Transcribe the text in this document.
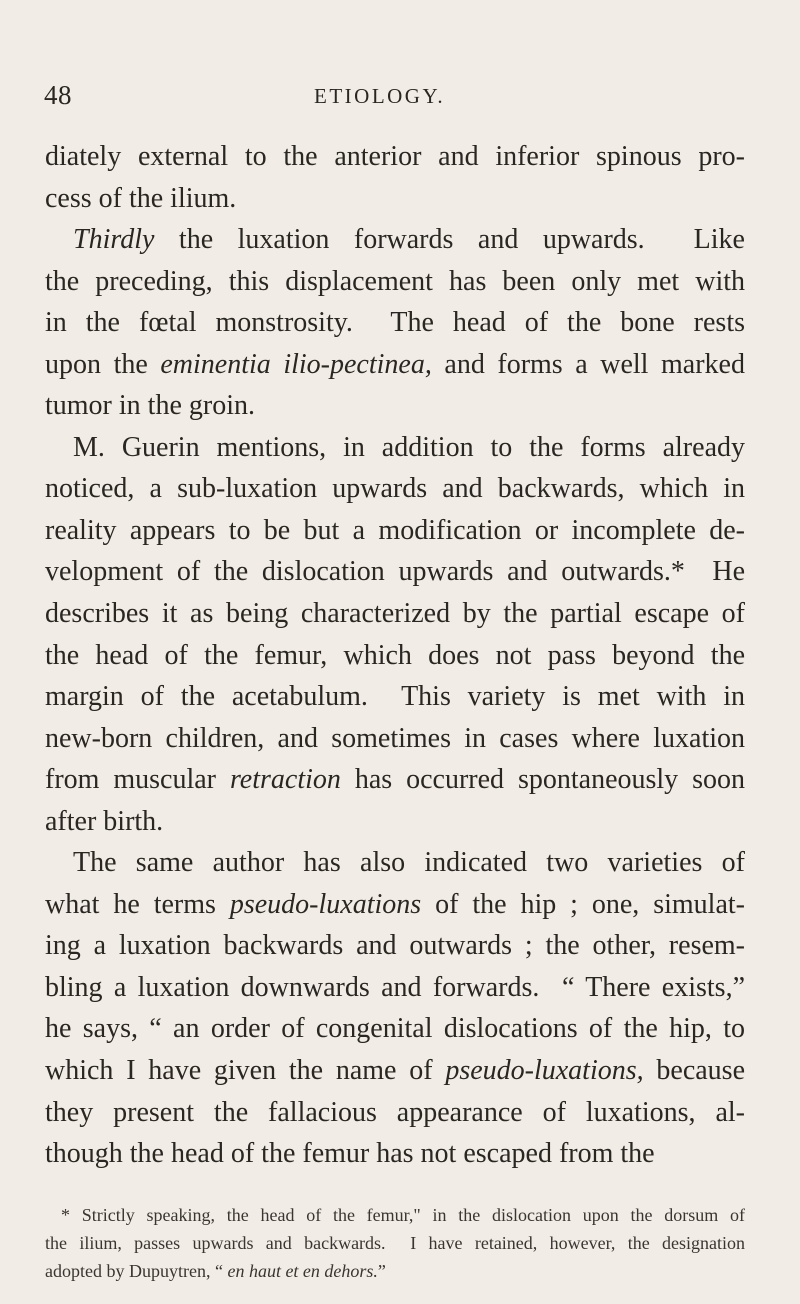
48	ETIOLOGY.
diately external to the anterior and inferior spinous pro-
cess of the ilium.
Thirdly the luxation forwards and upwards.  Like
the preceding, this displacement has been only met with
in the fœtal monstrosity.  The head of the bone rests
upon the eminentia ilio-pectinea, and forms a well marked
tumor in the groin.
M. Guerin mentions, in addition to the forms already
noticed, a sub-luxation upwards and backwards, which in
reality appears to be but a modification or incomplete de-
velopment of the dislocation upwards and outwards.*  He
describes it as being characterized by the partial escape of
the head of the femur, which does not pass beyond the
margin of the acetabulum.  This variety is met with in
new-born children, and sometimes in cases where luxation
from muscular retraction has occurred spontaneously soon
after birth.
The same author has also indicated two varieties of
what he terms pseudo-luxations of the hip ; one, simulat-
ing a luxation backwards and outwards ; the other, resem-
bling a luxation downwards and forwards.  “ There exists,”
he says, “ an order of congenital dislocations of the hip, to
which I have given the name of pseudo-luxations, because
they present the fallacious appearance of luxations, al-
though the head of the femur has not escaped from the
* Strictly speaking, the head of the femur," in the dislocation upon the dorsum of
the ilium, passes upwards and backwards.  I have retained, however, the designation
adopted by Dupuytren, “ en haut et en dehors.”
